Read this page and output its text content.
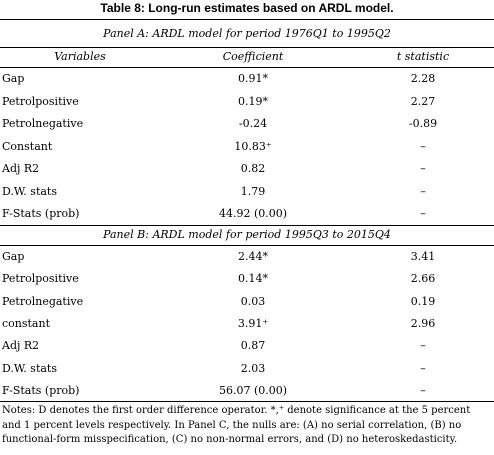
Table 8: Long-run estimates based on ARDL model.
Panel A: ARDL model for period 1976Q1 to 1995Q2
Variables	Coefficient	t statistic
Gap	0.91*	2.28
Petrolpositive	0.19*	2.27
Petrolnegative	-0.24	-0.89
Constant	10.83⁺	–
Adj R2	0.82	–
D.W. stats	1.79	–
F-Stats (prob)	44.92 (0.00)	–
Panel B: ARDL model for period 1995Q3 to 2015Q4
Gap	2.44*	3.41
Petrolpositive	0.14*	2.66
Petrolnegative	0.03	0.19
constant	3.91⁺	2.96
Adj R2	0.87	–
D.W. stats	2.03	–
F-Stats (prob)	56.07 (0.00)	–
Notes: D denotes the first order difference operator. *,⁺ denote significance at the 5 percent and 1 percent levels respectively. In Panel C, the nulls are: (A) no serial correlation, (B) no functional-form misspecification, (C) no non-normal errors, and (D) no heteroskedasticity.
